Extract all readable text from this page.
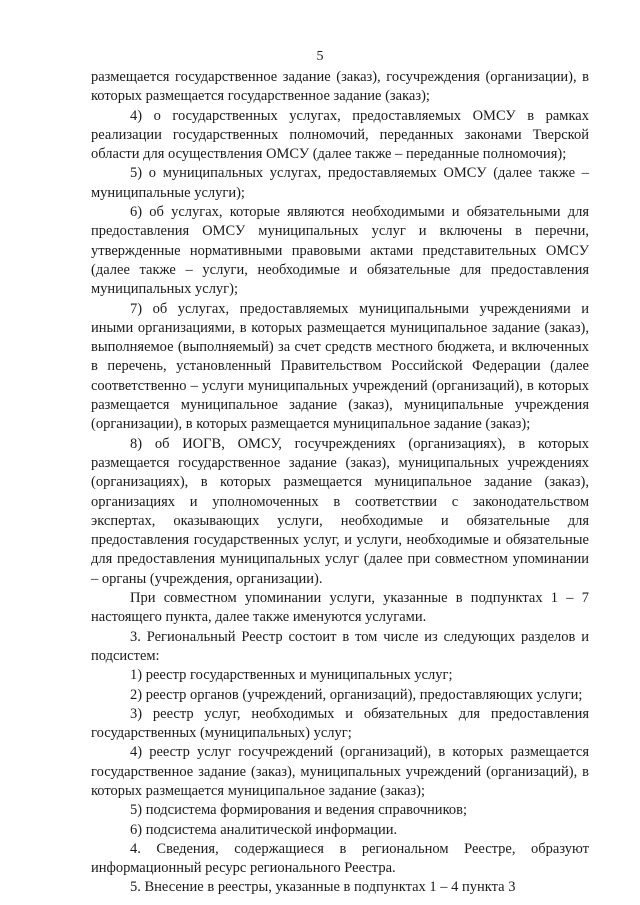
5

размещается государственное задание (заказ), госучреждения (организации), в которых размещается государственное задание (заказ);

4) о государственных услугах, предоставляемых ОМСУ в рамках реализации государственных полномочий, переданных законами Тверской области для осуществления ОМСУ (далее также – переданные полномочия);

5) о муниципальных услугах, предоставляемых ОМСУ (далее также – муниципальные услуги);

6) об услугах, которые являются необходимыми и обязательными для предоставления ОМСУ муниципальных услуг и включены в перечни, утвержденные нормативными правовыми актами представительных ОМСУ (далее также – услуги, необходимые и обязательные для предоставления муниципальных услуг);

7) об услугах, предоставляемых муниципальными учреждениями и иными организациями, в которых размещается муниципальное задание (заказ), выполняемое (выполняемый) за счет средств местного бюджета, и включенных в перечень, установленный Правительством Российской Федерации (далее соответственно – услуги муниципальных учреждений (организаций), в которых размещается муниципальное задание (заказ), муниципальные учреждения (организации), в которых размещается муниципальное задание (заказ);

8) об ИОГВ, ОМСУ, госучреждениях (организациях), в которых размещается государственное задание (заказ), муниципальных учреждениях (организациях), в которых размещается муниципальное задание (заказ), организациях и уполномоченных в соответствии с законодательством экспертах, оказывающих услуги, необходимые и обязательные для предоставления государственных услуг, и услуги, необходимые и обязательные для предоставления муниципальных услуг (далее при совместном упоминании – органы (учреждения, организации).

При совместном упоминании услуги, указанные в подпунктах 1 – 7 настоящего пункта, далее также именуются услугами.

3. Региональный Реестр состоит в том числе из следующих разделов и подсистем:

1) реестр государственных и муниципальных услуг;

2) реестр органов (учреждений, организаций), предоставляющих услуги;

3) реестр услуг, необходимых и обязательных для предоставления государственных (муниципальных) услуг;

4) реестр услуг госучреждений (организаций), в которых размещается государственное задание (заказ), муниципальных учреждений (организаций), в которых размещается муниципальное задание (заказ);

5) подсистема формирования и ведения справочников;

6) подсистема аналитической информации.

4. Сведения, содержащиеся в региональном Реестре, образуют информационный ресурс регионального Реестра.

5. Внесение в реестры, указанные в подпунктах 1 – 4 пункта 3
